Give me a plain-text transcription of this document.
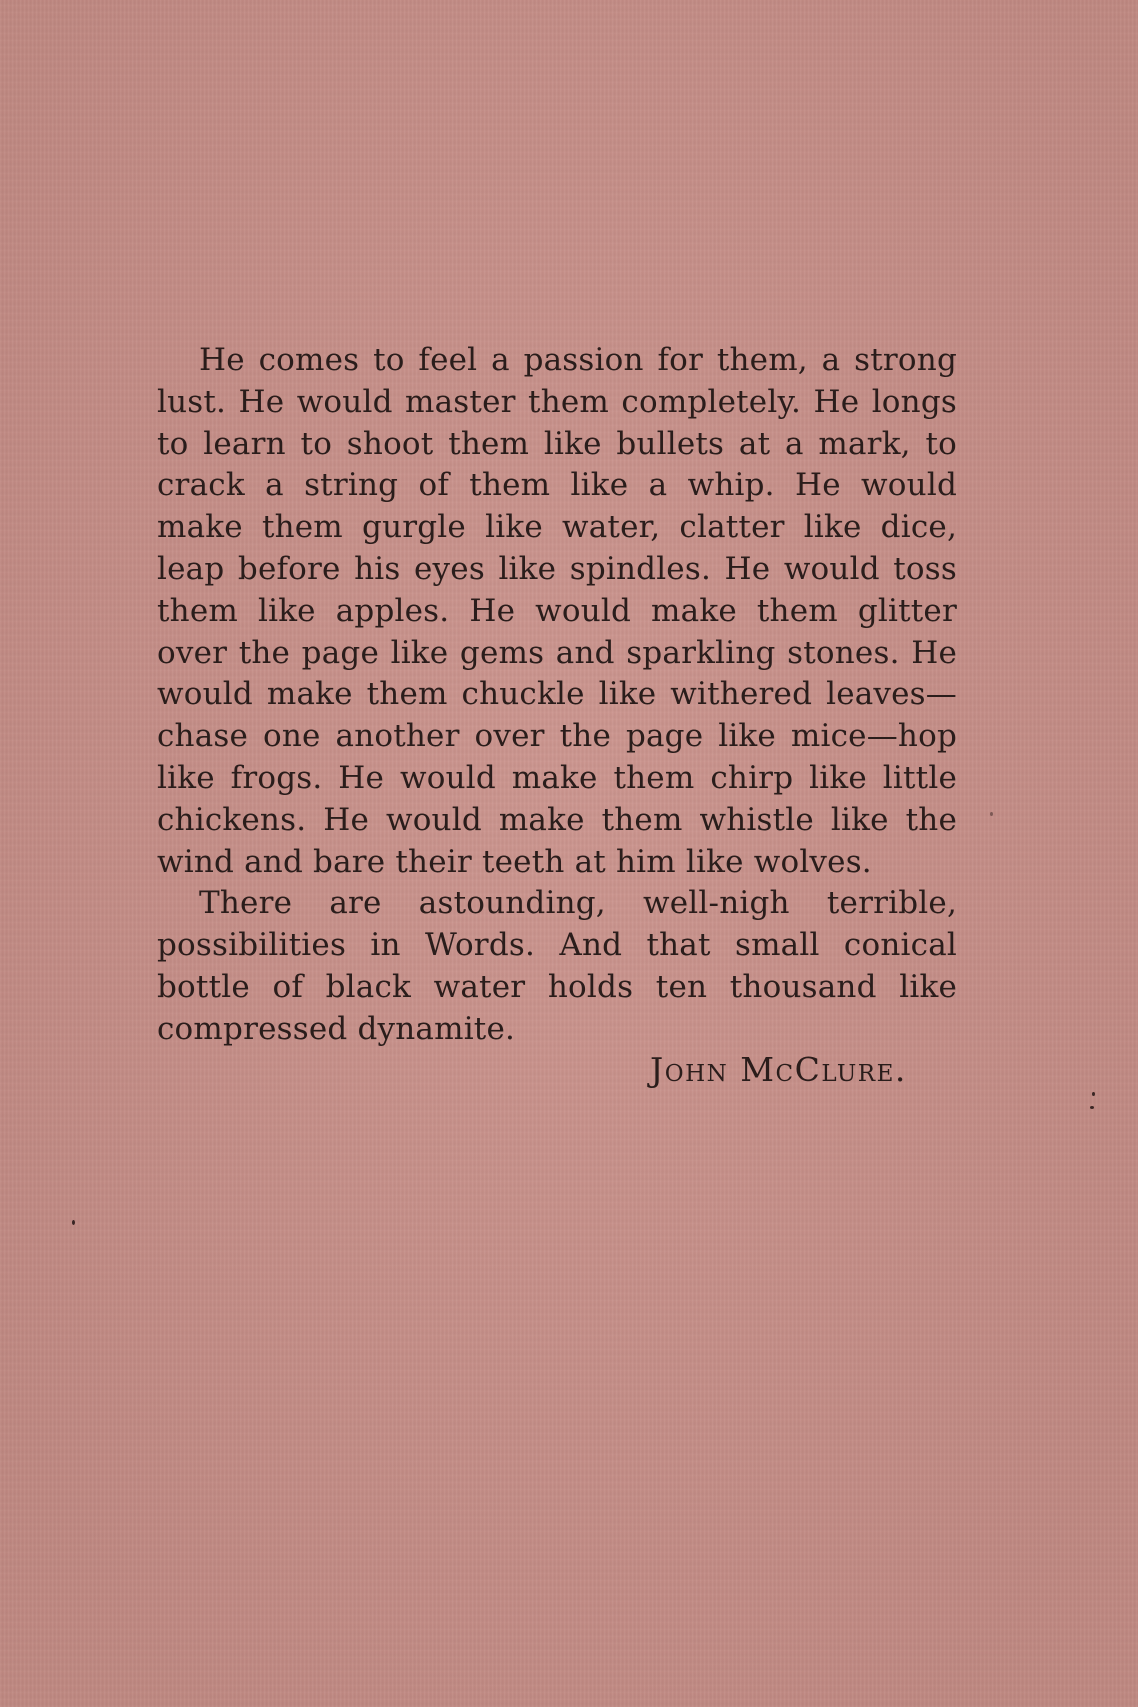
He comes to feel a passion for them, a strong lust. He would master them completely. He longs to learn to shoot them like bullets at a mark, to crack a string of them like a whip. He would make them gurgle like water, clatter like dice, leap before his eyes like spindles. He would toss them like apples. He would make them glitter over the page like gems and sparkling stones. He would make them chuckle like withered leaves—chase one another over the page like mice—hop like frogs. He would make them chirp like little chickens. He would make them whistle like the wind and bare their teeth at him like wolves.

There are astounding, well-nigh terrible, possibilities in Words. And that small conical bottle of black water holds ten thousand like compressed dynamite.

John McClure.
